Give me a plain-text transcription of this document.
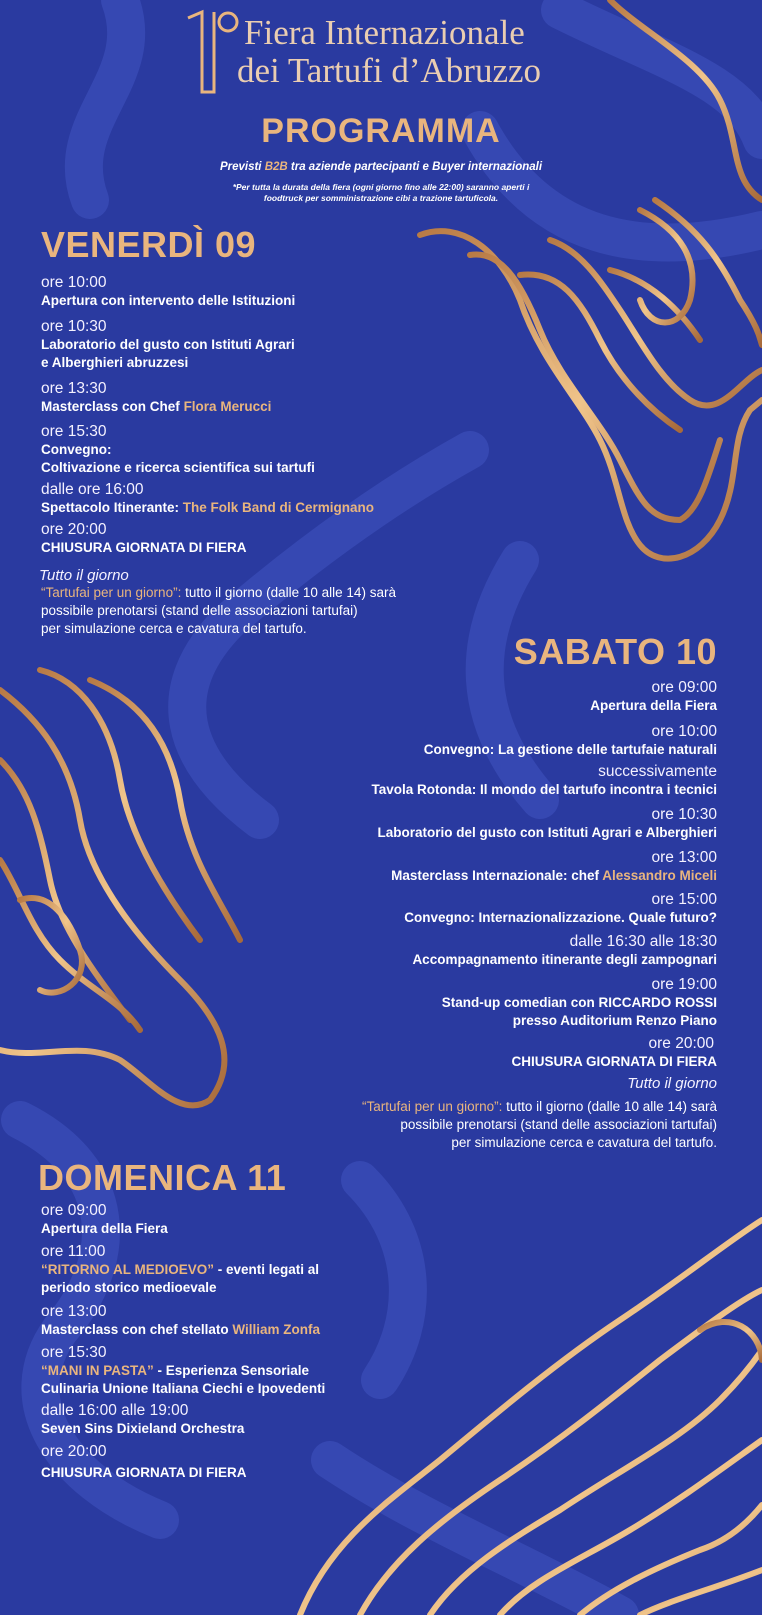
Fiera Internazionale
dei Tartufi d’Abruzzo
PROGRAMMA
Previsti B2B tra aziende partecipanti e Buyer internazionali
*Per tutta la durata della fiera (ogni giorno fino alle 22:00) saranno aperti i
foodtruck per somministrazione cibi a trazione tartuficola.
VENERDÌ 09
ore 10:00
Apertura con intervento delle Istituzioni
ore 10:30
Laboratorio del gusto con Istituti Agrari
e Alberghieri abruzzesi
ore 13:30
Masterclass con Chef Flora Merucci
ore 15:30
Convegno:
Coltivazione e ricerca scientifica sui tartufi
dalle ore 16:00
Spettacolo Itinerante: The Folk Band di Cermignano
ore 20:00
CHIUSURA GIORNATA DI FIERA
Tutto il giorno
“Tartufai per un giorno”: tutto il giorno (dalle 10 alle 14) sarà
possibile prenotarsi (stand delle associazioni tartufai)
per simulazione cerca e cavatura del tartufo.
SABATO 10
ore 09:00
Apertura della Fiera
ore 10:00
Convegno: La gestione delle tartufaie naturali
successivamente
Tavola Rotonda: Il mondo del tartufo incontra i tecnici
ore 10:30
Laboratorio del gusto con Istituti Agrari e Alberghieri
ore 13:00
Masterclass Internazionale: chef Alessandro Miceli
ore 15:00
Convegno: Internazionalizzazione. Quale futuro?
dalle 16:30 alle 18:30
Accompagnamento itinerante degli zampognari
ore 19:00
Stand-up comedian con RICCARDO ROSSI
presso Auditorium Renzo Piano
ore 20:00
CHIUSURA GIORNATA DI FIERA
Tutto il giorno
“Tartufai per un giorno”: tutto il giorno (dalle 10 alle 14) sarà
possibile prenotarsi (stand delle associazioni tartufai)
per simulazione cerca e cavatura del tartufo.
DOMENICA 11
ore 09:00
Apertura della Fiera
ore 11:00
“RITORNO AL MEDIOEVO” - eventi legati al
periodo storico medioevale
ore 13:00
Masterclass con chef stellato William Zonfa
ore 15:30
“MANI IN PASTA” - Esperienza Sensoriale
Culinaria Unione Italiana Ciechi e Ipovedenti
dalle 16:00 alle 19:00
Seven Sins Dixieland Orchestra
ore 20:00
CHIUSURA GIORNATA DI FIERA
